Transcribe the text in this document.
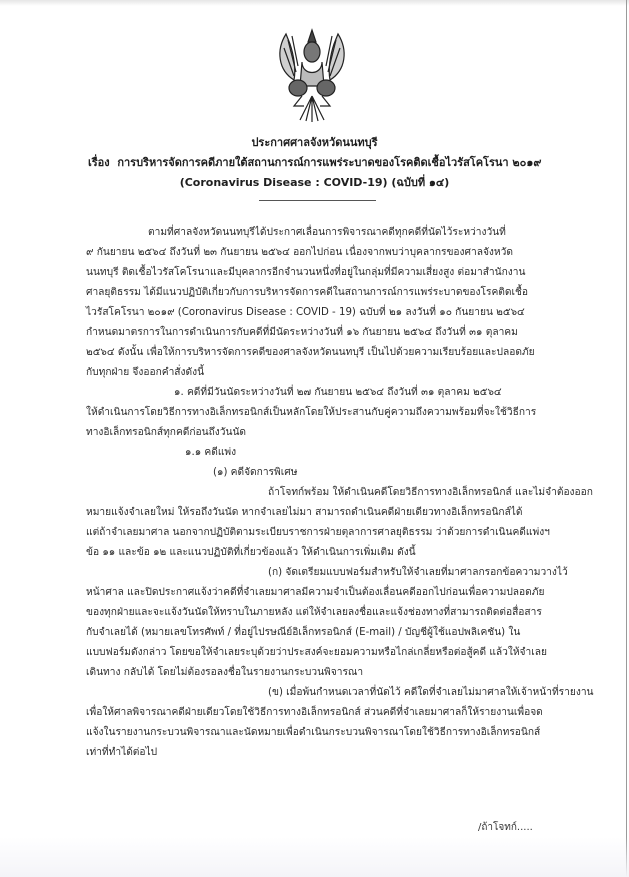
ประกาศศาลจังหวัดนนทบุรี
เรื่อง การบริหารจัดการคดีภายใต้สถานการณ์การแพร่ระบาดของโรคติดเชื้อไวรัสโคโรนา ๒๐๑๙
(Coronavirus Disease : COVID-19) (ฉบับที่ ๑๔)
ตามที่ศาลจังหวัดนนทบุรีได้ประกาศเลื่อนการพิจารณาคดีทุกคดีที่นัดไว้ระหว่างวันที่
๙ กันยายน ๒๕๖๔ ถึงวันที่ ๒๓ กันยายน ๒๕๖๔ ออกไปก่อน เนื่องจากพบว่าบุคลากรของศาลจังหวัด
นนทบุรี ติดเชื้อไวรัสโคโรนาและมีบุคลากรอีกจำนวนหนึ่งที่อยู่ในกลุ่มที่มีความเสี่ยงสูง ต่อมาสำนักงาน
ศาลยุติธรรม ได้มีแนวปฏิบัติเกี่ยวกับการบริหารจัดการคดีในสถานการณ์การแพร่ระบาดของโรคติดเชื้อ
ไวรัสโคโรนา ๒๐๑๙ (Coronavirus Disease : COVID - 19) ฉบับที่ ๒๑ ลงวันที่ ๑๐ กันยายน ๒๕๖๔
กำหนดมาตรการในการดำเนินการกับคดีที่มีนัดระหว่างวันที่ ๑๖ กันยายน ๒๕๖๔ ถึงวันที่ ๓๑ ตุลาคม
๒๕๖๔ ดังนั้น เพื่อให้การบริหารจัดการคดีของศาลจังหวัดนนทบุรี เป็นไปด้วยความเรียบร้อยและปลอดภัย
กับทุกฝ่าย จึงออกคำสั่งดังนี้
๑. คดีที่มีวันนัดระหว่างวันที่ ๒๗ กันยายน ๒๕๖๔ ถึงวันที่ ๓๑ ตุลาคม ๒๕๖๔
ให้ดำเนินการโดยวิธีการทางอิเล็กทรอนิกส์เป็นหลักโดยให้ประสานกับคู่ความถึงความพร้อมที่จะใช้วิธีการ
ทางอิเล็กทรอนิกส์ทุกคดีก่อนถึงวันนัด
๑.๑ คดีแพ่ง
(๑) คดีจัดการพิเศษ
ถ้าโจทก์พร้อม ให้ดำเนินคดีโดยวิธีการทางอิเล็กทรอนิกส์ และไม่จำต้องออก
หมายแจ้งจำเลยใหม่ ให้รอถึงวันนัด หากจำเลยไม่มา สามารถดำเนินคดีฝ่ายเดียวทางอิเล็กทรอนิกส์ได้
แต่ถ้าจำเลยมาศาล นอกจากปฏิบัติตามระเบียบราชการฝ่ายตุลาการศาลยุติธรรม ว่าด้วยการดำเนินคดีแพ่งฯ
ข้อ ๑๑ และข้อ ๑๒ และแนวปฏิบัติที่เกี่ยวข้องแล้ว ให้ดำเนินการเพิ่มเติม ดังนี้
(ก) จัดเตรียมแบบฟอร์มสำหรับให้จำเลยที่มาศาลกรอกข้อความวางไว้
หน้าศาล และปิดประกาศแจ้งว่าคดีที่จำเลยมาศาลมีความจำเป็นต้องเลื่อนคดีออกไปก่อนเพื่อความปลอดภัย
ของทุกฝ่ายและจะแจ้งวันนัดให้ทราบในภายหลัง แต่ให้จำเลยลงชื่อและแจ้งช่องทางที่สามารถติดต่อสื่อสาร
กับจำเลยได้ (หมายเลขโทรศัพท์ / ที่อยู่ไปรษณีย์อิเล็กทรอนิกส์ (E-mail) / บัญชีผู้ใช้แอปพลิเคชัน) ใน
แบบฟอร์มดังกล่าว โดยขอให้จำเลยระบุด้วยว่าประสงค์จะยอมความหรือไกล่เกลี่ยหรือต่อสู้คดี แล้วให้จำเลย
เดินทาง กลับได้ โดยไม่ต้องรอลงชื่อในรายงานกระบวนพิจารณา
(ข) เมื่อพ้นกำหนดเวลาที่นัดไว้ คดีใดที่จำเลยไม่มาศาลให้เจ้าหน้าที่รายงาน
เพื่อให้ศาลพิจารณาคดีฝ่ายเดียวโดยใช้วิธีการทางอิเล็กทรอนิกส์ ส่วนคดีที่จำเลยมาศาลก็ให้รายงานเพื่อจด
แจ้งในรายงานกระบวนพิจารณาและนัดหมายเพื่อดำเนินกระบวนพิจารณาโดยใช้วิธีการทางอิเล็กทรอนิกส์
เท่าที่ทำได้ต่อไป
/ถ้าโจทก์.....
